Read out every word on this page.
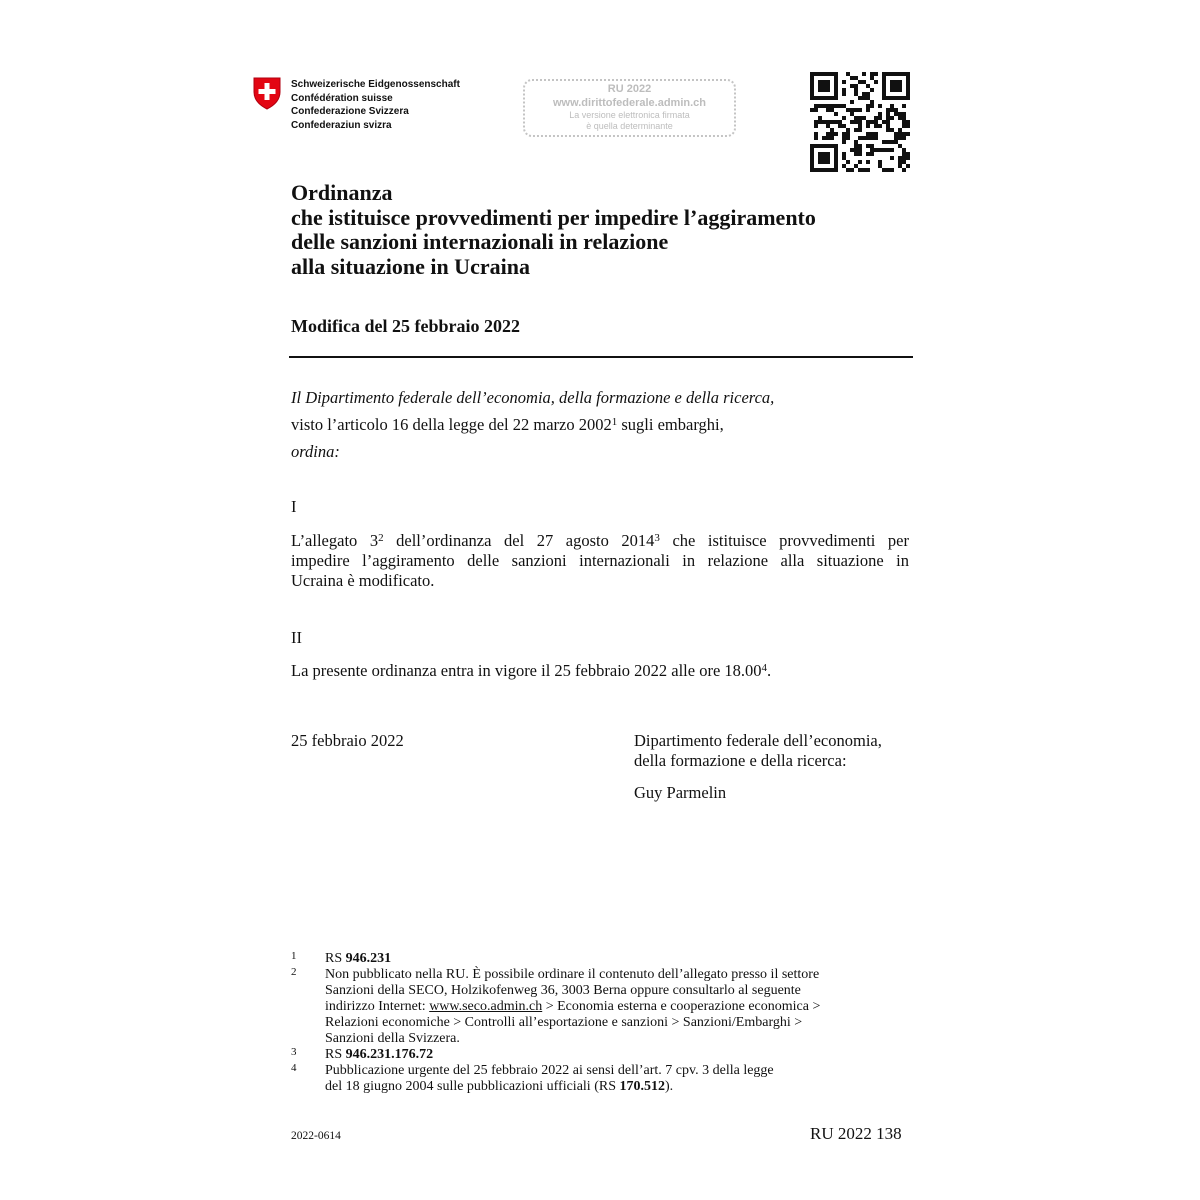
Schweizerische Eidgenossenschaft
Confédération suisse
Confederazione Svizzera
Confederaziun svizra
RU 2022
www.dirittofederale.admin.ch
La versione elettronica firmata
è quella determinante
Ordinanza
che istituisce provvedimenti per impedire l’aggiramento
delle sanzioni internazionali in relazione
alla situazione in Ucraina
Modifica del 25 febbraio 2022
Il Dipartimento federale dell’economia, della formazione e della ricerca,
visto l’articolo 16 della legge del 22 marzo 2002$^1$ sugli embarghi,
ordina:
I
L’allegato $3^2$ dell’ordinanza del 27 agosto 2014$^3$ che istituisce provvedimenti per
impedire l’aggiramento delle sanzioni internazionali in relazione alla situazione in
Ucraina è modificato.
II
La presente ordinanza entra in vigore il 25 febbraio 2022 alle ore 18.00$^4$.
25 febbraio 2022	Dipartimento federale dell’economia,
della formazione e della ricerca:
Guy Parmelin
1 RS 946.231
2 Non pubblicato nella RU. È possibile ordinare il contenuto dell’allegato presso il settore
Sanzioni della SECO, Holzikofenweg 36, 3003 Berna oppure consultarlo al seguente
indirizzo Internet: www.seco.admin.ch > Economia esterna e cooperazione economica >
Relazioni economiche > Controlli all’esportazione e sanzioni > Sanzioni/Embarghi >
Sanzioni della Svizzera.
3 RS 946.231.176.72
4 Pubblicazione urgente del 25 febbraio 2022 ai sensi dell’art. 7 cpv. 3 della legge
del 18 giugno 2004 sulle pubblicazioni ufficiali (RS 170.512).
2022-0614	RU 2022 138
